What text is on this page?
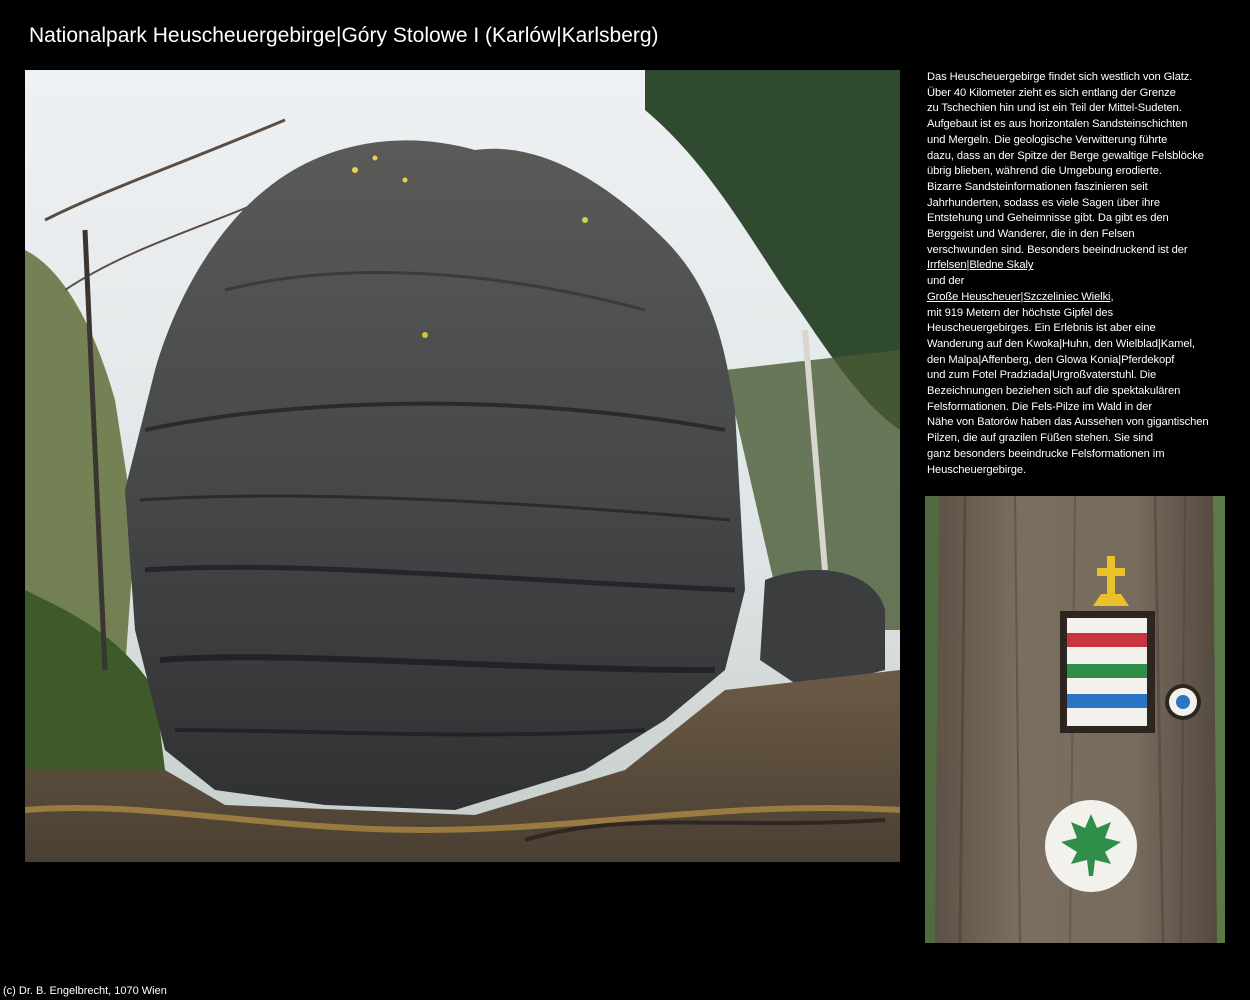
Nationalpark Heuscheuergebirge|Góry Stolowe I (Karlów|Karlsberg)
Das Heuscheuergebirge findet sich westlich von Glatz.
Über 40 Kilometer zieht es sich entlang der Grenze
zu Tschechien hin und ist ein Teil der Mittel-Sudeten.
Aufgebaut ist es aus horizontalen Sandsteinschichten
und Mergeln. Die geologische Verwitterung führte
dazu, dass an der Spitze der Berge gewaltige Felsblöcke
übrig blieben, während die Umgebung erodierte.
Bizarre Sandsteinformationen faszinieren seit
Jahrhunderten, sodass es viele Sagen über ihre
Entstehung und Geheimnisse gibt. Da gibt es den
Berggeist und Wanderer, die in den Felsen
verschwunden sind. Besonders beeindruckend ist der
Irrfelsen|Bledne Skaly
und der
Große Heuscheuer|Szczeliniec Wielki,
mit 919 Metern der höchste Gipfel des
Heuscheuergebirges. Ein Erlebnis ist aber eine
Wanderung auf den Kwoka|Huhn, den Wielblad|Kamel,
den Malpa|Affenberg, den Glowa Konia|Pferdekopf
und zum Fotel Pradziada|Urgroßvaterstuhl. Die
Bezeichnungen beziehen sich auf die spektakulären
Felsformationen. Die Fels-Pilze im Wald in der
Nähe von Batorów haben das Aussehen von gigantischen
Pilzen, die auf grazilen Füßen stehen. Sie sind
ganz besonders beeindrucke Felsformationen im
Heuscheuergebirge.
(c) Dr. B. Engelbrecht, 1070 Wien
